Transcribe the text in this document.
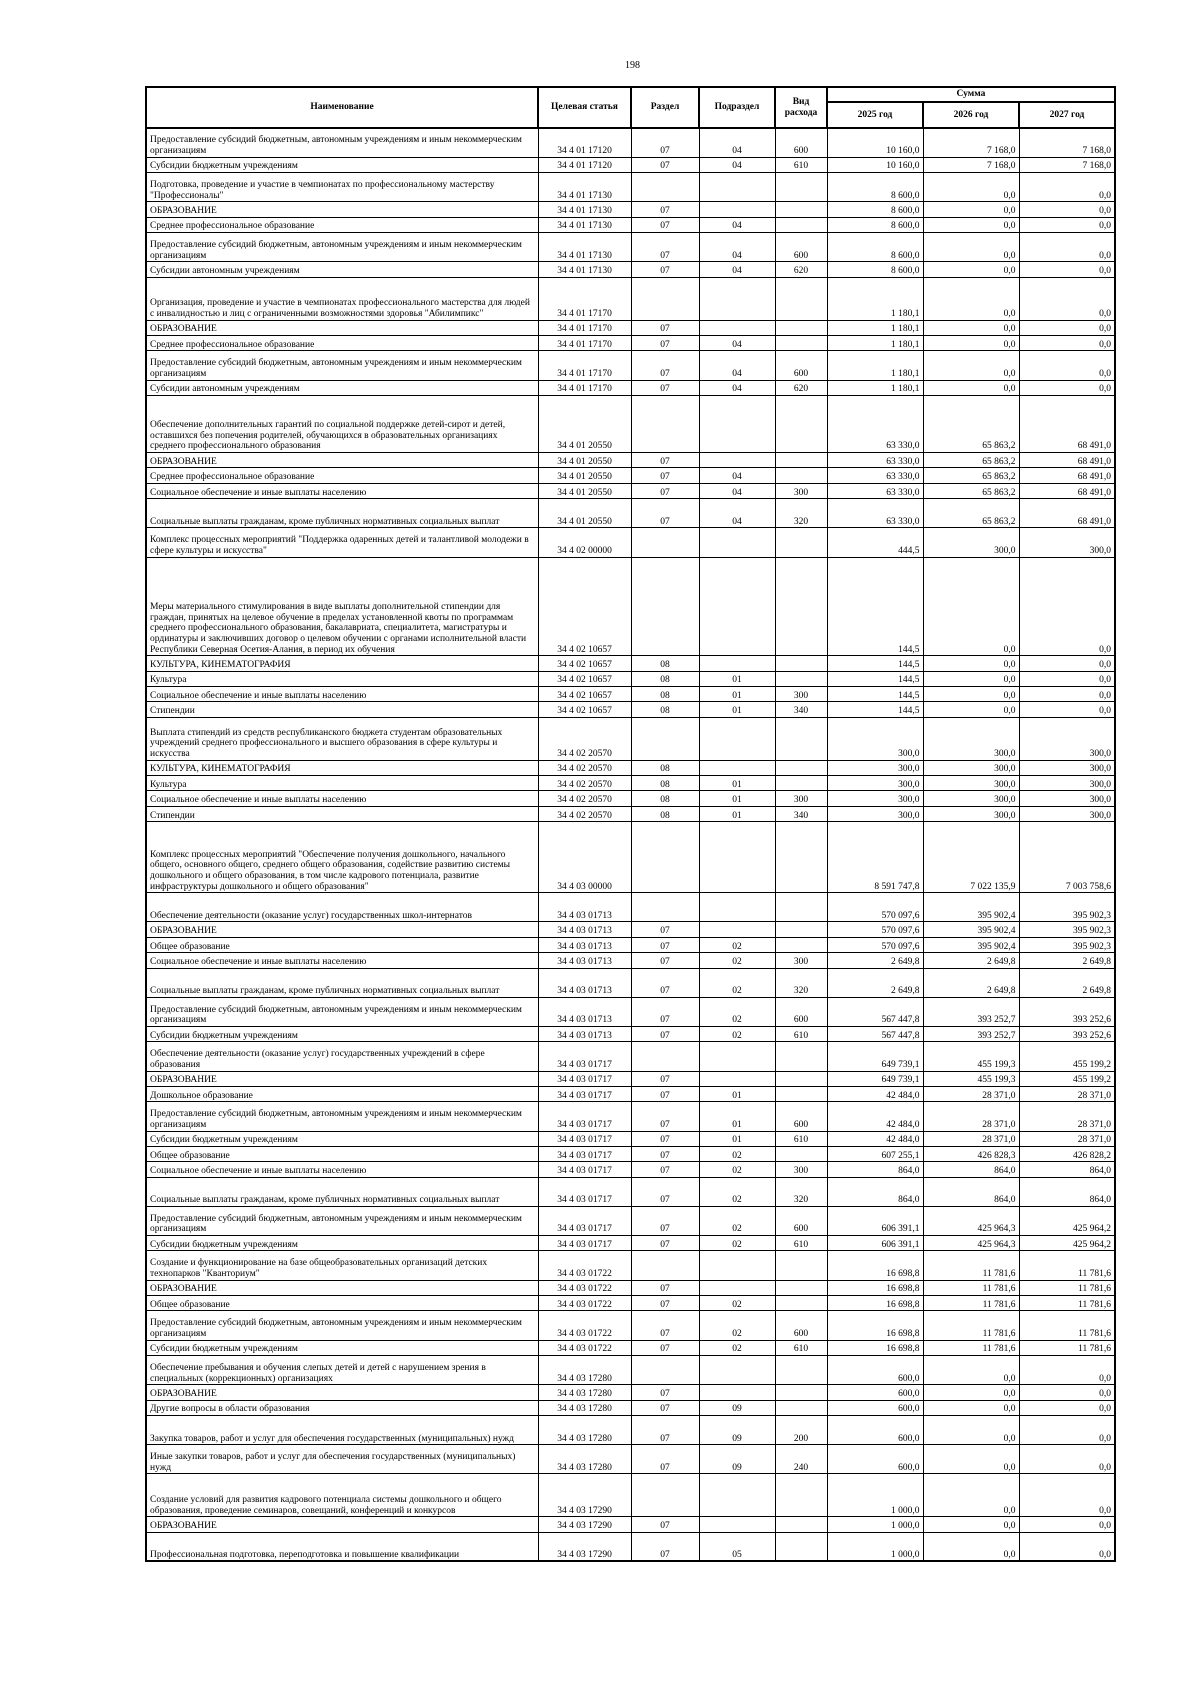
198
Наименование	Целевая статья	Раздел	Подраздел	Вид расхода	Сумма		
					2025 год	2026 год	2027 год
Предоставление субсидий бюджетным, автономным учреждениям и иным некоммерческим организациям	34 4 01 17120	07	04	600	10 160,0	7 168,0	7 168,0
Субсидии бюджетным учреждениям	34 4 01 17120	07	04	610	10 160,0	7 168,0	7 168,0
Подготовка, проведение и участие в чемпионатах по профессиональному мастерству "Профессионалы"	34 4 01 17130				8 600,0	0,0	0,0
ОБРАЗОВАНИЕ	34 4 01 17130	07			8 600,0	0,0	0,0
Среднее профессиональное образование	34 4 01 17130	07	04		8 600,0	0,0	0,0
Предоставление субсидий бюджетным, автономным учреждениям и иным некоммерческим организациям	34 4 01 17130	07	04	600	8 600,0	0,0	0,0
Субсидии автономным учреждениям	34 4 01 17130	07	04	620	8 600,0	0,0	0,0
Организация, проведение и участие в чемпионатах профессионального мастерства для людей с инвалидностью и лиц с ограниченными возможностями здоровья "Абилимпикс"	34 4 01 17170				1 180,1	0,0	0,0
ОБРАЗОВАНИЕ	34 4 01 17170	07			1 180,1	0,0	0,0
Среднее профессиональное образование	34 4 01 17170	07	04		1 180,1	0,0	0,0
Предоставление субсидий бюджетным, автономным учреждениям и иным некоммерческим организациям	34 4 01 17170	07	04	600	1 180,1	0,0	0,0
Субсидии автономным учреждениям	34 4 01 17170	07	04	620	1 180,1	0,0	0,0
Обеспечение дополнительных гарантий по социальной поддержке детей-сирот и детей, оставшихся без попечения родителей, обучающихся в образовательных организациях среднего профессионального образования	34 4 01 20550				63 330,0	65 863,2	68 491,0
ОБРАЗОВАНИЕ	34 4 01 20550	07			63 330,0	65 863,2	68 491,0
Среднее профессиональное образование	34 4 01 20550	07	04		63 330,0	65 863,2	68 491,0
Социальное обеспечение и иные выплаты населению	34 4 01 20550	07	04	300	63 330,0	65 863,2	68 491,0
Социальные выплаты гражданам, кроме публичных нормативных социальных выплат	34 4 01 20550	07	04	320	63 330,0	65 863,2	68 491,0
Комплекс процессных мероприятий "Поддержка одаренных детей и талантливой молодежи в сфере культуры и искусства"	34 4 02 00000				444,5	300,0	300,0
Меры материального стимулирования в виде выплаты дополнительной стипендии для граждан, принятых на целевое обучение в пределах установленной квоты по программам среднего профессионального образования, бакалавриата, специалитета, магистратуры и ординатуры и заключивших договор о целевом обучении с органами исполнительной власти Республики Северная Осетия-Алания, в период их обучения	34 4 02 10657				144,5	0,0	0,0
КУЛЬТУРА, КИНЕМАТОГРАФИЯ	34 4 02 10657	08			144,5	0,0	0,0
Культура	34 4 02 10657	08	01		144,5	0,0	0,0
Социальное обеспечение и иные выплаты населению	34 4 02 10657	08	01	300	144,5	0,0	0,0
Стипендии	34 4 02 10657	08	01	340	144,5	0,0	0,0
Выплата стипендий из средств республиканского бюджета студентам образовательных учреждений среднего профессионального и высшего образования в сфере культуры и искусства	34 4 02 20570				300,0	300,0	300,0
КУЛЬТУРА, КИНЕМАТОГРАФИЯ	34 4 02 20570	08			300,0	300,0	300,0
Культура	34 4 02 20570	08	01		300,0	300,0	300,0
Социальное обеспечение и иные выплаты населению	34 4 02 20570	08	01	300	300,0	300,0	300,0
Стипендии	34 4 02 20570	08	01	340	300,0	300,0	300,0
Комплекс процессных мероприятий "Обеспечение получения дошкольного, начального общего, основного общего, среднего общего образования, содействие развитию системы дошкольного и общего образования, в том числе кадрового потенциала, развитие инфраструктуры дошкольного и общего образования"	34 4 03 00000				8 591 747,8	7 022 135,9	7 003 758,6
Обеспечение деятельности (оказание услуг) государственных школ-интернатов	34 4 03 01713				570 097,6	395 902,4	395 902,3
ОБРАЗОВАНИЕ	34 4 03 01713	07			570 097,6	395 902,4	395 902,3
Общее образование	34 4 03 01713	07	02		570 097,6	395 902,4	395 902,3
Социальное обеспечение и иные выплаты населению	34 4 03 01713	07	02	300	2 649,8	2 649,8	2 649,8
Социальные выплаты гражданам, кроме публичных нормативных социальных выплат	34 4 03 01713	07	02	320	2 649,8	2 649,8	2 649,8
Предоставление субсидий бюджетным, автономным учреждениям и иным некоммерческим организациям	34 4 03 01713	07	02	600	567 447,8	393 252,7	393 252,6
Субсидии бюджетным учреждениям	34 4 03 01713	07	02	610	567 447,8	393 252,7	393 252,6
Обеспечение деятельности (оказание услуг) государственных учреждений в сфере образования	34 4 03 01717				649 739,1	455 199,3	455 199,2
ОБРАЗОВАНИЕ	34 4 03 01717	07			649 739,1	455 199,3	455 199,2
Дошкольное образование	34 4 03 01717	07	01		42 484,0	28 371,0	28 371,0
Предоставление субсидий бюджетным, автономным учреждениям и иным некоммерческим организациям	34 4 03 01717	07	01	600	42 484,0	28 371,0	28 371,0
Субсидии бюджетным учреждениям	34 4 03 01717	07	01	610	42 484,0	28 371,0	28 371,0
Общее образование	34 4 03 01717	07	02		607 255,1	426 828,3	426 828,2
Социальное обеспечение и иные выплаты населению	34 4 03 01717	07	02	300	864,0	864,0	864,0
Социальные выплаты гражданам, кроме публичных нормативных социальных выплат	34 4 03 01717	07	02	320	864,0	864,0	864,0
Предоставление субсидий бюджетным, автономным учреждениям и иным некоммерческим организациям	34 4 03 01717	07	02	600	606 391,1	425 964,3	425 964,2
Субсидии бюджетным учреждениям	34 4 03 01717	07	02	610	606 391,1	425 964,3	425 964,2
Создание и функционирование на базе общеобразовательных организаций детских технопарков "Кванториум"	34 4 03 01722				16 698,8	11 781,6	11 781,6
ОБРАЗОВАНИЕ	34 4 03 01722	07			16 698,8	11 781,6	11 781,6
Общее образование	34 4 03 01722	07	02		16 698,8	11 781,6	11 781,6
Предоставление субсидий бюджетным, автономным учреждениям и иным некоммерческим организациям	34 4 03 01722	07	02	600	16 698,8	11 781,6	11 781,6
Субсидии бюджетным учреждениям	34 4 03 01722	07	02	610	16 698,8	11 781,6	11 781,6
Обеспечение пребывания и обучения слепых детей и детей с нарушением зрения в специальных (коррекционных) организациях	34 4 03 17280				600,0	0,0	0,0
ОБРАЗОВАНИЕ	34 4 03 17280	07			600,0	0,0	0,0
Другие вопросы в области образования	34 4 03 17280	07	09		600,0	0,0	0,0
Закупка товаров, работ и услуг для обеспечения государственных (муниципальных) нужд	34 4 03 17280	07	09	200	600,0	0,0	0,0
Иные закупки товаров, работ и услуг для обеспечения государственных (муниципальных) нужд	34 4 03 17280	07	09	240	600,0	0,0	0,0
Создание условий для развития кадрового потенциала системы дошкольного и общего образования, проведение семинаров, совещаний, конференций и конкурсов	34 4 03 17290				1 000,0	0,0	0,0
ОБРАЗОВАНИЕ	34 4 03 17290	07			1 000,0	0,0	0,0
Профессиональная подготовка, переподготовка и повышение квалификации	34 4 03 17290	07	05		1 000,0	0,0	0,0
